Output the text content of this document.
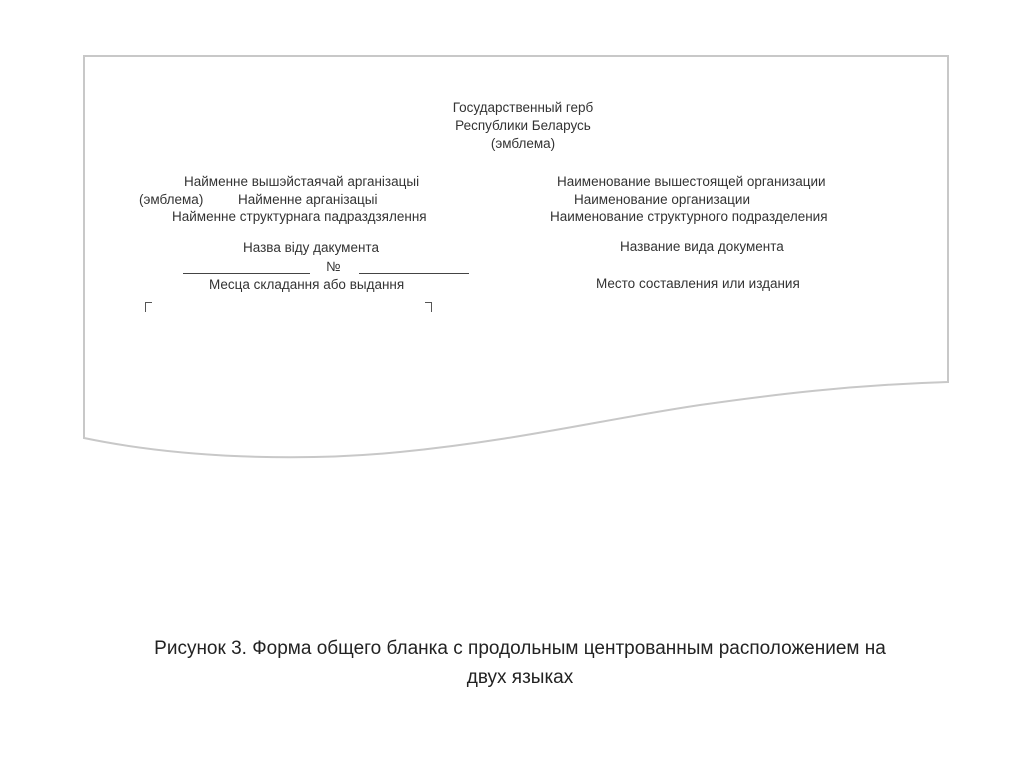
Государственный герб
Республики Беларусь
(эмблема)
Найменне вышэйстаячай арганізацыі
(эмблема)	Найменне арганізацыі
Найменне структурнага падраздзялення
Назва віду дакумента
№
Месца складання або выдання
Наименование вышестоящей организации
Наименование организации
Наименование структурного подразделения
Название вида документа
Место составления или издания
Рисунок 3. Форма общего бланка с продольным центрованным расположением на
двух языках
